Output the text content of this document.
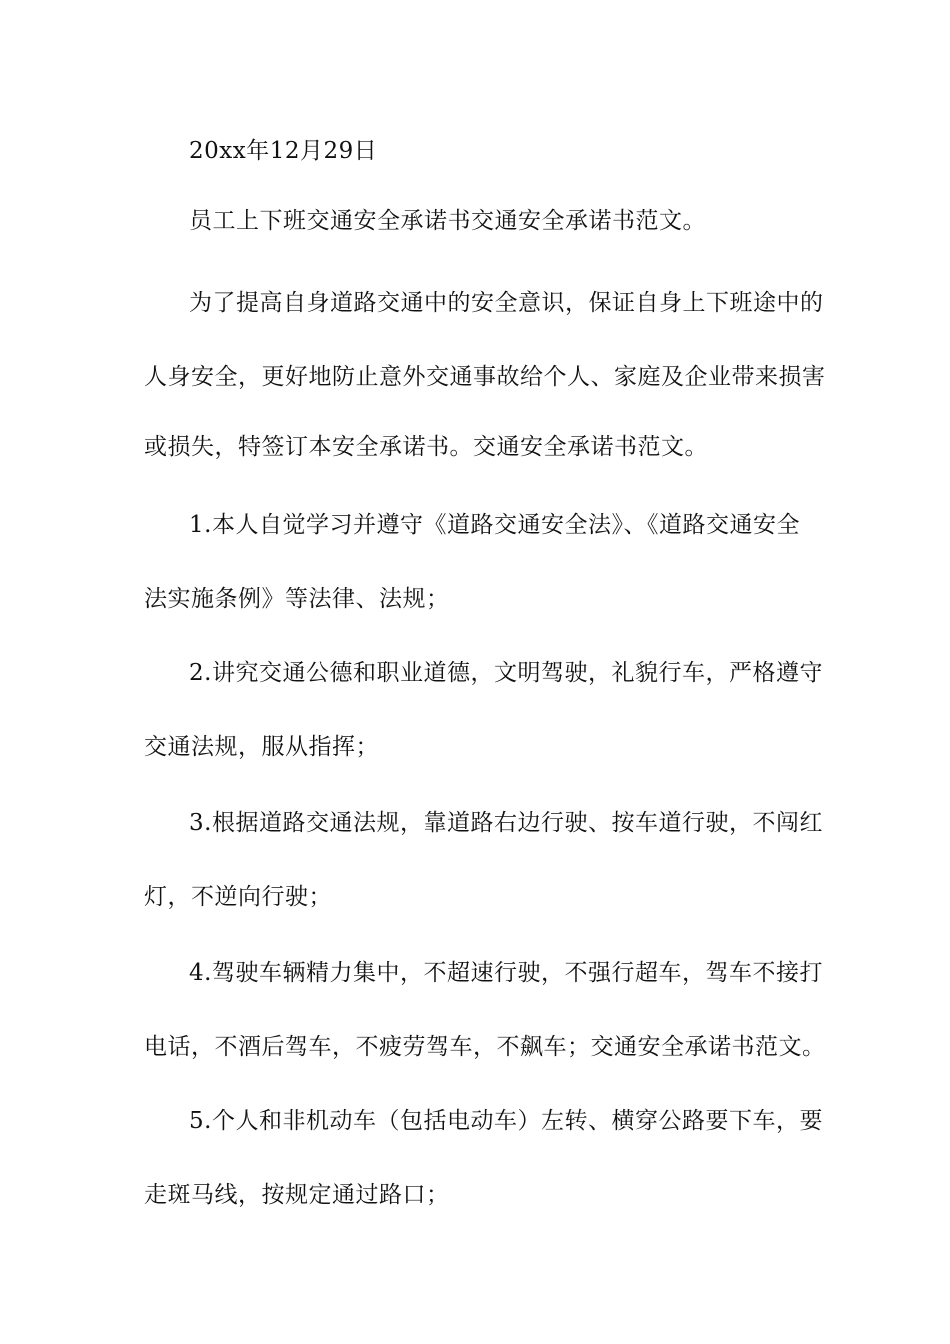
20xx年12月29日
员工上下班交通安全承诺书交通安全承诺书范文。
为了提高自身道路交通中的安全意识，保证自身上下班途中的
人身安全，更好地防止意外交通事故给个人、家庭及企业带来损害
或损失，特签订本安全承诺书。交通安全承诺书范文。
1.本人自觉学习并遵守《道路交通安全法》、《道路交通安全
法实施条例》等法律、法规；
2.讲究交通公德和职业道德，文明驾驶，礼貌行车，严格遵守
交通法规，服从指挥；
3.根据道路交通法规，靠道路右边行驶、按车道行驶，不闯红
灯，不逆向行驶；
4.驾驶车辆精力集中，不超速行驶，不强行超车，驾车不接打
电话，不酒后驾车，不疲劳驾车，不飙车；交通安全承诺书范文。
5.个人和非机动车（包括电动车）左转、横穿公路要下车，要
走斑马线，按规定通过路口；
